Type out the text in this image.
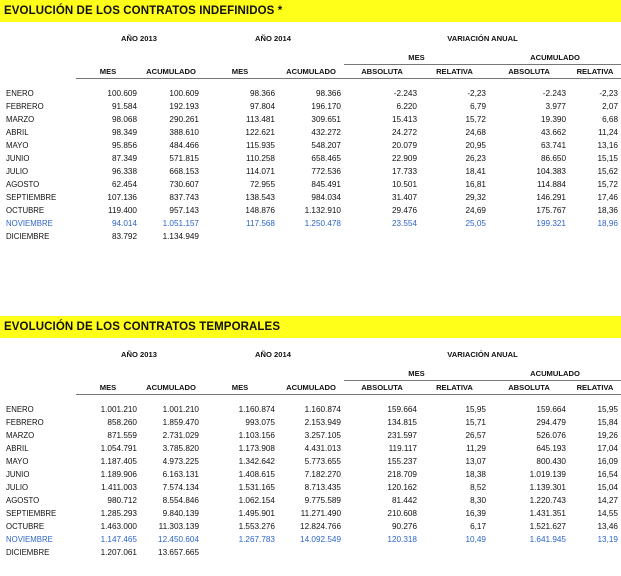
EVOLUCIÓN DE LOS CONTRATOS INDEFINIDOS *
	AÑO 2013		AÑO 2014		VARIACIÓN ANUAL			

					MES		ACUMULADO	
	MES	ACUMULADO	MES	ACUMULADO	ABSOLUTA	RELATIVA	ABSOLUTA	RELATIVA

ENERO	100.609	100.609	98.366	98.366	-2.243	-2,23	-2.243	-2,23
FEBRERO	91.584	192.193	97.804	196.170	6.220	6,79	3.977	2,07
MARZO	98.068	290.261	113.481	309.651	15.413	15,72	19.390	6,68
ABRIL	98.349	388.610	122.621	432.272	24.272	24,68	43.662	11,24
MAYO	95.856	484.466	115.935	548.207	20.079	20,95	63.741	13,16
JUNIO	87.349	571.815	110.258	658.465	22.909	26,23	86.650	15,15
JULIO	96.338	668.153	114.071	772.536	17.733	18,41	104.383	15,62
AGOSTO	62.454	730.607	72.955	845.491	10.501	16,81	114.884	15,72
SEPTIEMBRE	107.136	837.743	138.543	984.034	31.407	29,32	146.291	17,46
OCTUBRE	119.400	957.143	148.876	1.132.910	29.476	24,69	175.767	18,36
NOVIEMBRE	94.014	1.051.157	117.568	1.250.478	23.554	25,05	199.321	18,96
DICIEMBRE	83.792	1.134.949						
EVOLUCIÓN DE LOS CONTRATOS TEMPORALES
	AÑO 2013		AÑO 2014		VARIACIÓN ANUAL			

					MES		ACUMULADO	
	MES	ACUMULADO	MES	ACUMULADO	ABSOLUTA	RELATIVA	ABSOLUTA	RELATIVA

ENERO	1.001.210	1.001.210	1.160.874	1.160.874	159.664	15,95	159.664	15,95
FEBRERO	858.260	1.859.470	993.075	2.153.949	134.815	15,71	294.479	15,84
MARZO	871.559	2.731.029	1.103.156	3.257.105	231.597	26,57	526.076	19,26
ABRIL	1.054.791	3.785.820	1.173.908	4.431.013	119.117	11,29	645.193	17,04
MAYO	1.187.405	4.973.225	1.342.642	5.773.655	155.237	13,07	800.430	16,09
JUNIO	1.189.906	6.163.131	1.408.615	7.182.270	218.709	18,38	1.019.139	16,54
JULIO	1.411.003	7.574.134	1.531.165	8.713.435	120.162	8,52	1.139.301	15,04
AGOSTO	980.712	8.554.846	1.062.154	9.775.589	81.442	8,30	1.220.743	14,27
SEPTIEMBRE	1.285.293	9.840.139	1.495.901	11.271.490	210.608	16,39	1.431.351	14,55
OCTUBRE	1.463.000	11.303.139	1.553.276	12.824.766	90.276	6,17	1.521.627	13,46
NOVIEMBRE	1.147.465	12.450.604	1.267.783	14.092.549	120.318	10,49	1.641.945	13,19
DICIEMBRE	1.207.061	13.657.665						
